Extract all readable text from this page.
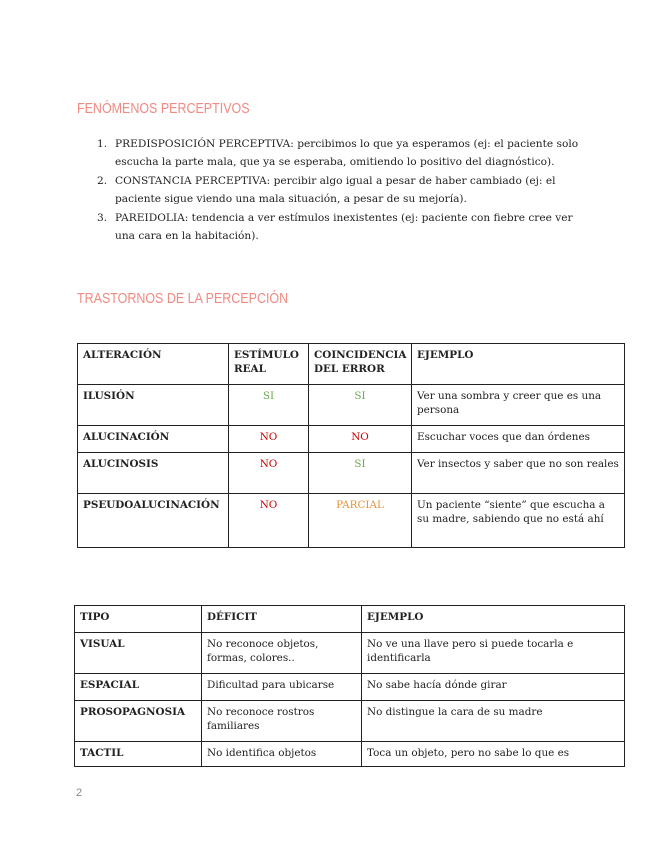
FENÓMENOS PERCEPTIVOS
1. PREDISPOSICIÓN PERCEPTIVA: percibimos lo que ya esperamos (ej: el paciente solo escucha la parte mala, que ya se esperaba, omitiendo lo positivo del diagnóstico).
2. CONSTANCIA PERCEPTIVA: percibir algo igual a pesar de haber cambiado (ej: el paciente sigue viendo una mala situación, a pesar de su mejoría).
3. PAREIDOLIA: tendencia a ver estímulos inexistentes (ej: paciente con fiebre cree ver una cara en la habitación).
TRASTORNOS DE LA PERCEPCIÓN
ALTERACIÓN	ESTÍMULO REAL	COINCIDENCIA DEL ERROR	EJEMPLO
ILUSIÓN	SI	SI	Ver una sombra y creer que es una persona
ALUCINACIÓN	NO	NO	Escuchar voces que dan órdenes
ALUCINOSIS	NO	SI	Ver insectos y saber que no son reales
PSEUDOALUCINACIÓN	NO	PARCIAL	Un paciente “siente” que escucha a su madre, sabiendo que no está ahí
TIPO	DÉFICIT	EJEMPLO
VISUAL	No reconoce objetos, formas, colores..	No ve una llave pero si puede tocarla e identificarla
ESPACIAL	Dificultad para ubicarse	No sabe hacía dónde girar
PROSOPAGNOSIA	No reconoce rostros familiares	No distingue la cara de su madre
TACTIL	No identifica objetos	Toca un objeto, pero no sabe lo que es
2
